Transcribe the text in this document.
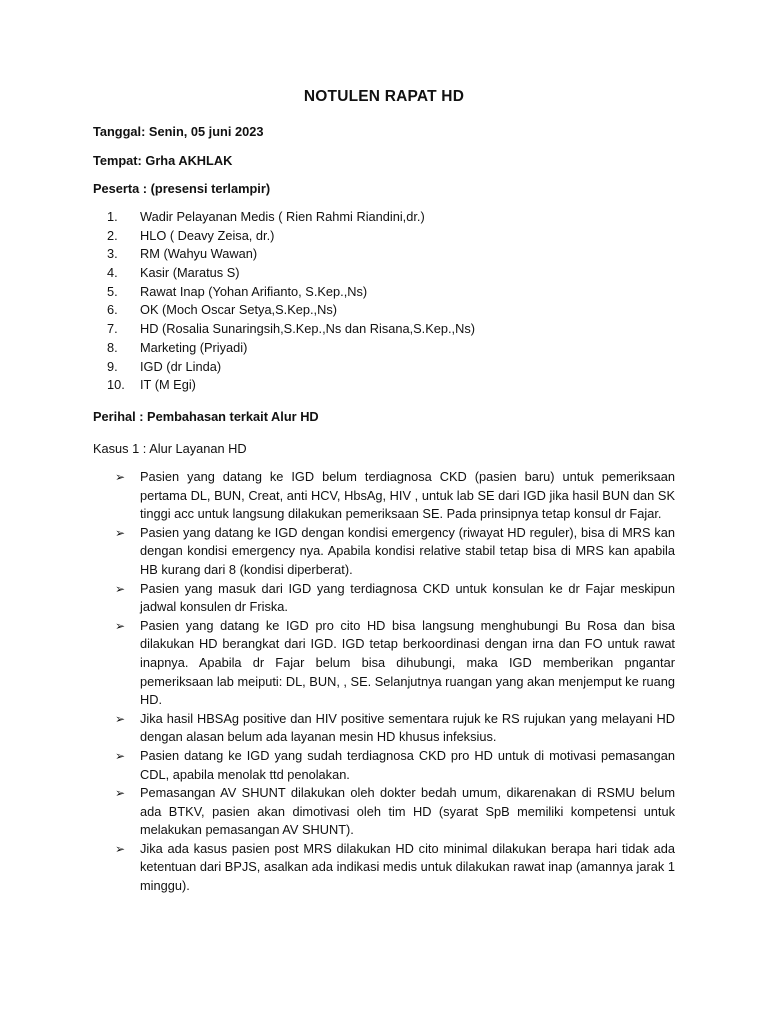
NOTULEN RAPAT HD
Tanggal: Senin, 05 juni 2023
Tempat: Grha AKHLAK
Peserta : (presensi terlampir)
1. Wadir Pelayanan Medis ( Rien Rahmi Riandini,dr.)
2. HLO ( Deavy Zeisa, dr.)
3. RM (Wahyu Wawan)
4. Kasir (Maratus S)
5. Rawat Inap (Yohan Arifianto, S.Kep.,Ns)
6. OK (Moch Oscar Setya,S.Kep.,Ns)
7. HD (Rosalia Sunaringsih,S.Kep.,Ns dan Risana,S.Kep.,Ns)
8. Marketing (Priyadi)
9. IGD (dr Linda)
10. IT (M Egi)
Perihal : Pembahasan terkait Alur HD
Kasus 1 : Alur Layanan HD
➢ Pasien yang datang ke IGD belum terdiagnosa CKD (pasien baru) untuk pemeriksaan pertama DL, BUN, Creat, anti HCV, HbsAg, HIV , untuk lab SE dari IGD jika hasil BUN dan SK tinggi acc untuk langsung dilakukan pemeriksaan SE. Pada prinsipnya tetap konsul dr Fajar.
➢ Pasien yang datang ke IGD dengan kondisi emergency (riwayat HD reguler), bisa di MRS kan dengan kondisi emergency nya. Apabila kondisi relative stabil tetap bisa di MRS kan apabila HB kurang dari 8 (kondisi diperberat).
➢ Pasien yang masuk dari IGD yang terdiagnosa CKD untuk konsulan ke dr Fajar meskipun jadwal konsulen dr Friska.
➢ Pasien yang datang ke IGD pro cito HD bisa langsung menghubungi Bu Rosa dan bisa dilakukan HD berangkat dari IGD. IGD tetap berkoordinasi dengan irna dan FO untuk rawat inapnya. Apabila dr Fajar belum bisa dihubungi, maka IGD memberikan pngantar pemeriksaan lab meiputi: DL, BUN, , SE. Selanjutnya ruangan yang akan menjemput ke ruang HD.
➢ Jika hasil HBSAg positive dan HIV positive sementara rujuk ke RS rujukan yang melayani HD dengan alasan belum ada layanan mesin HD khusus infeksius.
➢ Pasien datang ke IGD yang sudah terdiagnosa CKD pro HD untuk di motivasi pemasangan CDL, apabila menolak ttd penolakan.
➢ Pemasangan AV SHUNT dilakukan oleh dokter bedah umum, dikarenakan di RSMU belum ada BTKV, pasien akan dimotivasi oleh tim HD (syarat SpB memiliki kompetensi untuk melakukan pemasangan AV SHUNT).
➢ Jika ada kasus pasien post MRS dilakukan HD cito minimal dilakukan berapa hari tidak ada ketentuan dari BPJS, asalkan ada indikasi medis untuk dilakukan rawat inap (amannya jarak 1 minggu).
